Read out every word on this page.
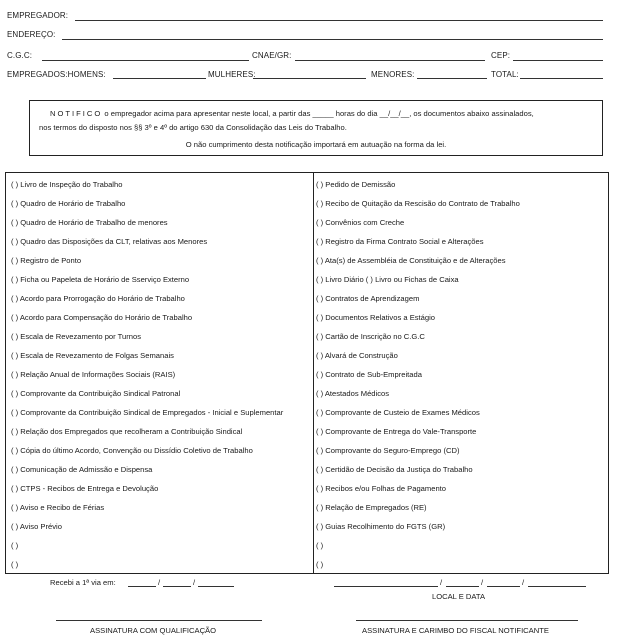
EMPREGADOR:
ENDEREÇO:
C.G.C:	CNAE/GR:	CEP:
EMPREGADOS:HOMENS:	MULHERES:	MENORES:	TOTAL:
NOTIFICO o empregador acima para apresentar neste local, a partir das _____ horas do dia __/__/__, os documentos abaixo assinalados,
nos termos do disposto nos §§ 3º e 4º do artigo 630 da Consolidação das Leis do Trabalho.
O não cumprimento desta notificação importará em autuação na forma da lei.
( ) Livro de Inspeção do Trabalho
( ) Quadro de Horário de Trabalho
( ) Quadro de Horário de Trabalho de menores
( ) Quadro das Disposições da CLT, relativas aos Menores
( ) Registro de Ponto
( ) Ficha ou Papeleta de Horário de Sserviço Externo
( ) Acordo para Prorrogação do Horário de Trabalho
( ) Acordo para Compensação do Horário de Trabalho
( ) Escala de Revezamento por Turnos
( ) Escala de Revezamento de Folgas Semanais
( ) Relação Anual de Informações Sociais (RAIS)
( ) Comprovante da Contribuição Sindical Patronal
( ) Comprovante da Contribuição Sindical de Empregados - Inicial e Suplementar
( ) Relação dos Empregados que recolheram a Contribuição Sindical
( ) Cópia do último Acordo, Convenção ou Dissídio Coletivo de Trabalho
( ) Comunicação de Admissão e Dispensa
( ) CTPS - Recibos de Entrega e Devolução
( ) Aviso e Recibo de Férias
( ) Aviso Prévio
( )
( )
( ) Pedido de Demissão
( ) Recibo de Quitação da Rescisão do Contrato de Trabalho
( ) Convênios com Creche
( ) Registro da Firma Contrato Social e Alterações
( ) Ata(s) de Assembléia de Constituição e de Alterações
( ) Livro Diário ( ) Livro ou Fichas de Caixa
( ) Contratos de Aprendizagem
( ) Documentos Relativos a Estágio
( ) Cartão de Inscrição no C.G.C
( ) Alvará de Construção
( ) Contrato de Sub-Empreitada
( ) Atestados Médicos
( ) Comprovante de Custeio de Exames Médicos
( ) Comprovante de Entrega do Vale-Transporte
( ) Comprovante do Seguro-Emprego (CD)
( ) Certidão de Decisão da Justiça do Trabalho
( ) Recibos e/ou Folhas de Pagamento
( ) Relação de Empregados (RE)
( ) Guias Recolhimento do FGTS (GR)
( )
( )
Recebi a 1ª via em:	/	/	/	/	/
LOCAL E DATA
ASSINATURA COM QUALIFICAÇÃO	ASSINATURA E CARIMBO DO FISCAL NOTIFICANTE
